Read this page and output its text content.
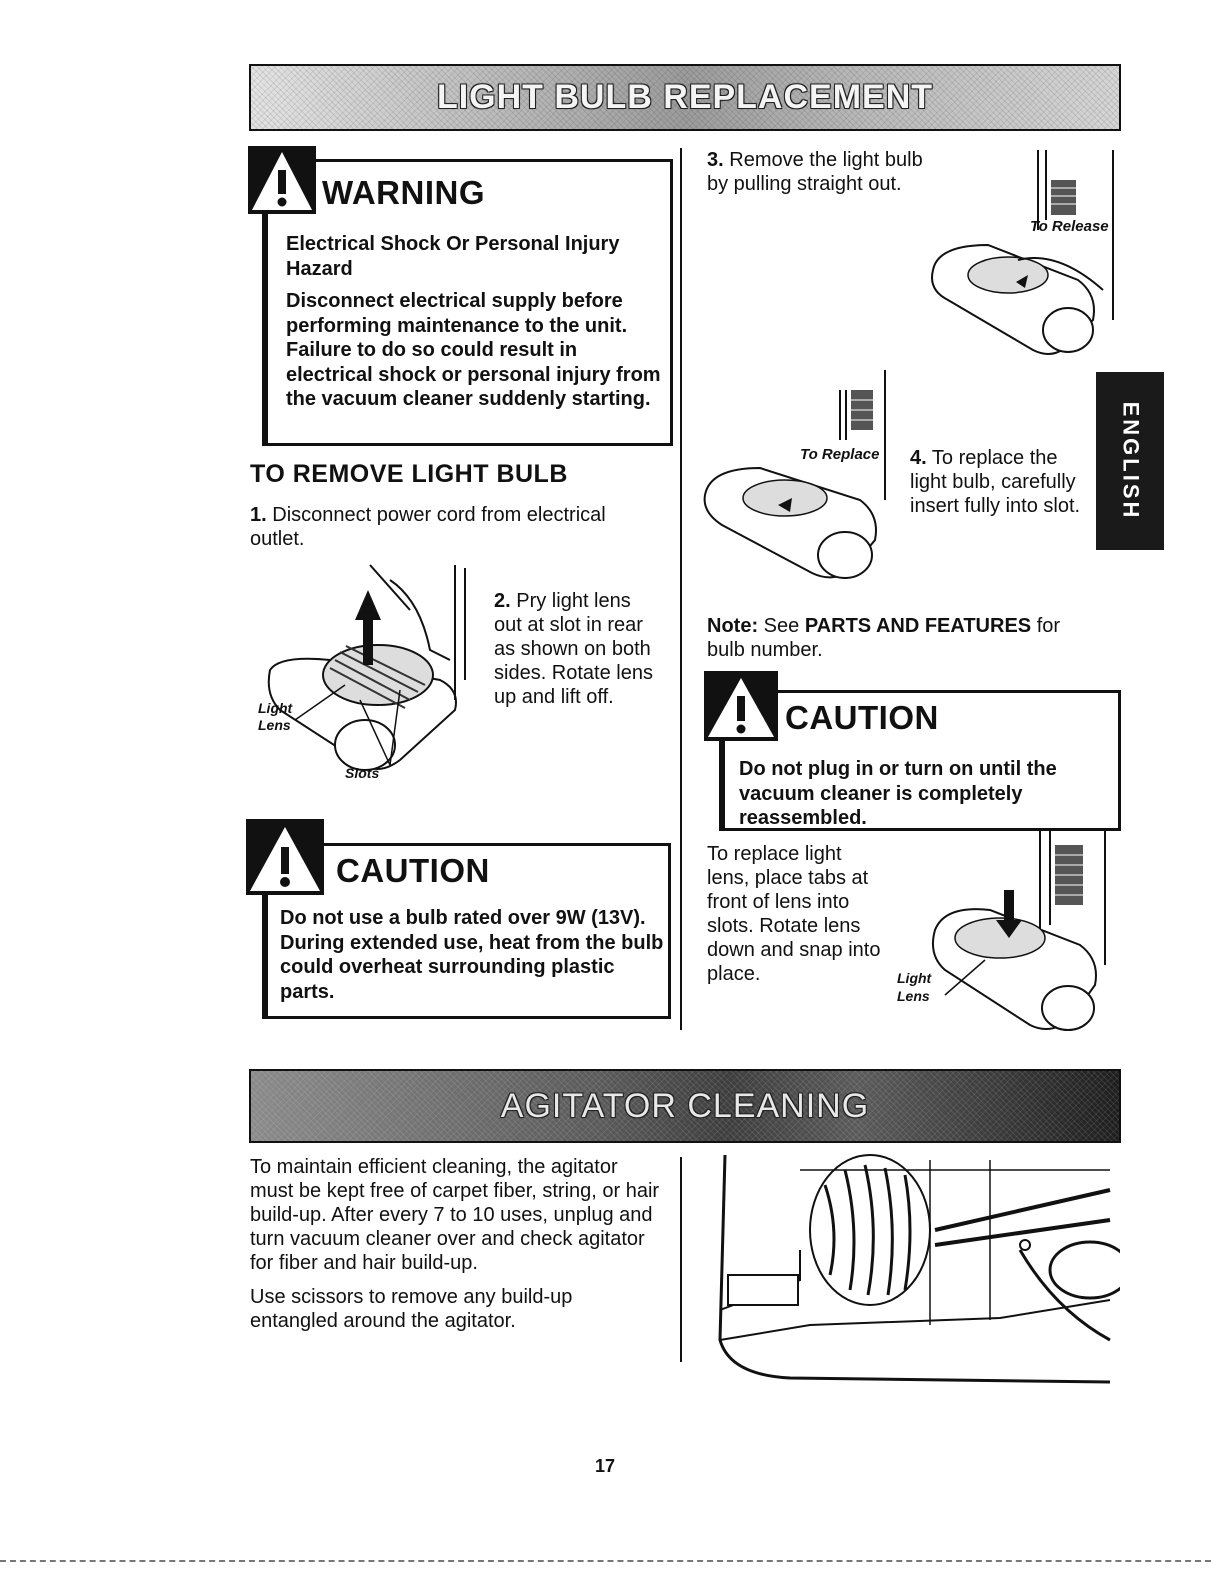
LIGHT BULB REPLACEMENT
WARNING

Electrical Shock Or Personal Injury Hazard

Disconnect electrical supply before performing maintenance to the unit. Failure to do so could result in electrical shock or personal injury from the vacuum cleaner suddenly starting.

TO REMOVE LIGHT BULB
1. Disconnect power cord from electrical outlet.
Light
Lens
Slots
2. Pry light lens out at slot in rear as shown on both sides. Rotate lens up and lift off.
CAUTION
Do not use a bulb rated over 9W (13V). During extended use, heat from the bulb could overheat surrounding plastic parts.
3. Remove the light bulb by pulling straight out.
To Release
To Replace 4. To replace the light bulb, carefully insert fully into slot.
Note: See PARTS AND FEATURES for bulb number.
CAUTION
Do not plug in or turn on until the vacuum cleaner is completely reassembled.
To replace light lens, place tabs at front of lens into slots. Rotate lens down and snap into place.	Light
Lens
ENGLISH
AGITATOR CLEANING

To maintain efficient cleaning, the agitator must be kept free of carpet fiber, string, or hair build-up. After every 7 to 10 uses, unplug and turn vacuum cleaner over and check agitator for fiber and hair build-up.

Use scissors to remove any build-up entangled around the agitator.

17
